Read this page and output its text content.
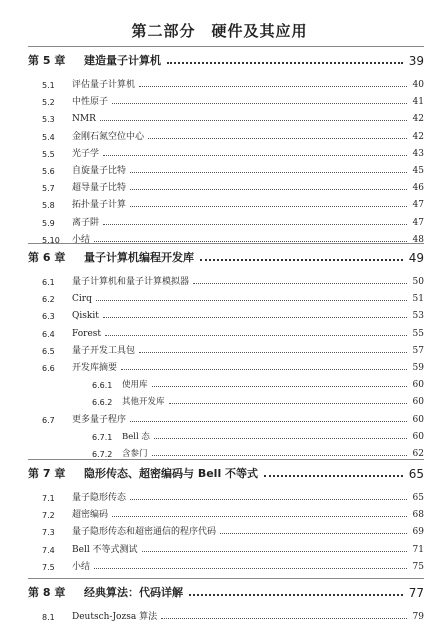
第二部分　硬件及其应用
第 5 章	建造量子计算机	39
5.1	评估量子计算机	40
5.2	中性原子	41
5.3	NMR	42
5.4	金刚石氮空位中心	42
5.5	光子学	43
5.6	自旋量子比特	45
5.7	超导量子比特	46
5.8	拓扑量子计算	47
5.9	离子阱	47
5.10	小结	48
第 6 章	量子计算机编程开发库	49
6.1	量子计算机和量子计算模拟器	50
6.2	Cirq	51
6.3	Qiskit	53
6.4	Forest	55
6.5	量子开发工具包	57
6.6	开发库摘要	59
6.6.1	使用库	60
6.6.2	其他开发库	60
6.7	更多量子程序	60
6.7.1	Bell 态	60
6.7.2	含参门	62
第 7 章	隐形传态、超密编码与 Bell 不等式	65
7.1	量子隐形传态	65
7.2	超密编码	68
7.3	量子隐形传态和超密通信的程序代码	69
7.4	Bell 不等式测试	71
7.5	小结	75
第 8 章	经典算法：代码详解	77
8.1	Deutsch-Jozsa 算法	79
